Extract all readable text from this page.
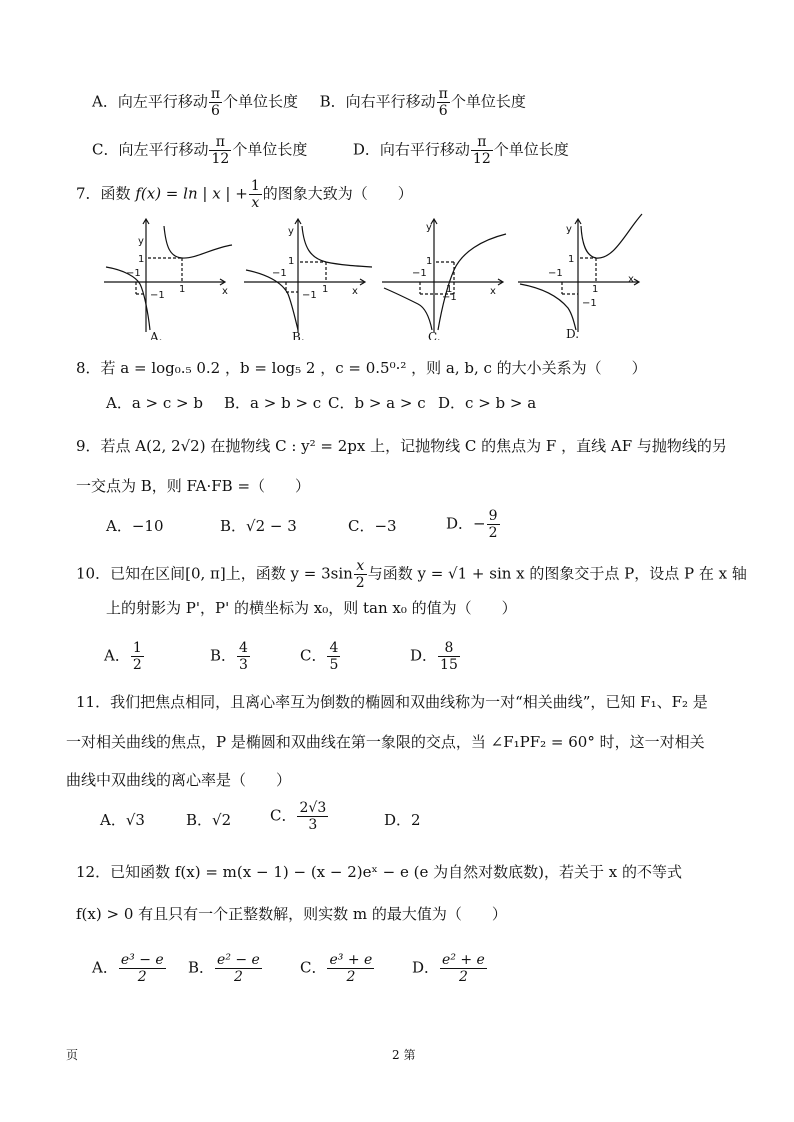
A．向左平行移动 $\frac{\pi}{6}$ 个单位长度 B．向右平行移动 $\frac{\pi}{6}$ 个单位长度
C．向左平行移动 $\frac{\pi}{12}$ 个单位长度	D．向右平行移动 $\frac{\pi}{12}$ 个单位长度
7．函数 f(x) = ln | x | + $\frac{1}{x}$ 的图象大致为（　　）
y
x
1
1
−1
−1
A.
y
x
1
1
−1
−1
B.
y
x
1
1
−1
−1
C.
y
x
1
1
−1
−1
D.
8．若 a = log₀.₅ 0.2 ，b = log₅ 2 ，c = 0.5⁰·² ，则 a, b, c 的大小关系为（　　）
A．a > c > b B．a > b > c C．b > a > c D．c > b > a
9．若点 A(2, 2√2) 在抛物线 C : y² = 2px 上，记抛物线 C 的焦点为 F ，直线 AF 与抛物线的另
一交点为 B，则 FA·FB =（　　）
A．−10	B．√2 − 3	C．−3	D．− $\frac{9}{2}$
10．已知在区间[0, π]上，函数 $y = 3\sin \frac{x}{2}$ 与函数 y = √1 + sin x 的图象交于点 P，设点 P 在 x 轴
上的射影为 P'，P' 的横坐标为 x₀，则 tan x₀ 的值为（　　）
A． $\frac{1}{2}$	B． $\frac{4}{3}$	C． $\frac{4}{5}$	D． $\frac{8}{15}$
11．我们把焦点相同，且离心率互为倒数的椭圆和双曲线称为一对“相关曲线”，已知 F₁、F₂ 是
一对相关曲线的焦点，P 是椭圆和双曲线在第一象限的交点，当 ∠F₁PF₂ = 60° 时，这一对相关
曲线中双曲线的离心率是（　　）
A．√3	B．√2	C． $\frac{2√3}{3}$	D．2
12．已知函数 f(x) = m(x − 1) − (x − 2)eˣ − e (e 为自然对数底数)，若关于 x 的不等式
f(x) > 0 有且只有一个正整数解，则实数 m 的最大值为（　　）
A． $\frac{\text{e³ − e}}{2}$ B． $\frac{\text{e² − e}}{2}$	C． $\frac{\text{e³ + e}}{2}$	D． $\frac{\text{e² + e}}{2}$
页	2 第
